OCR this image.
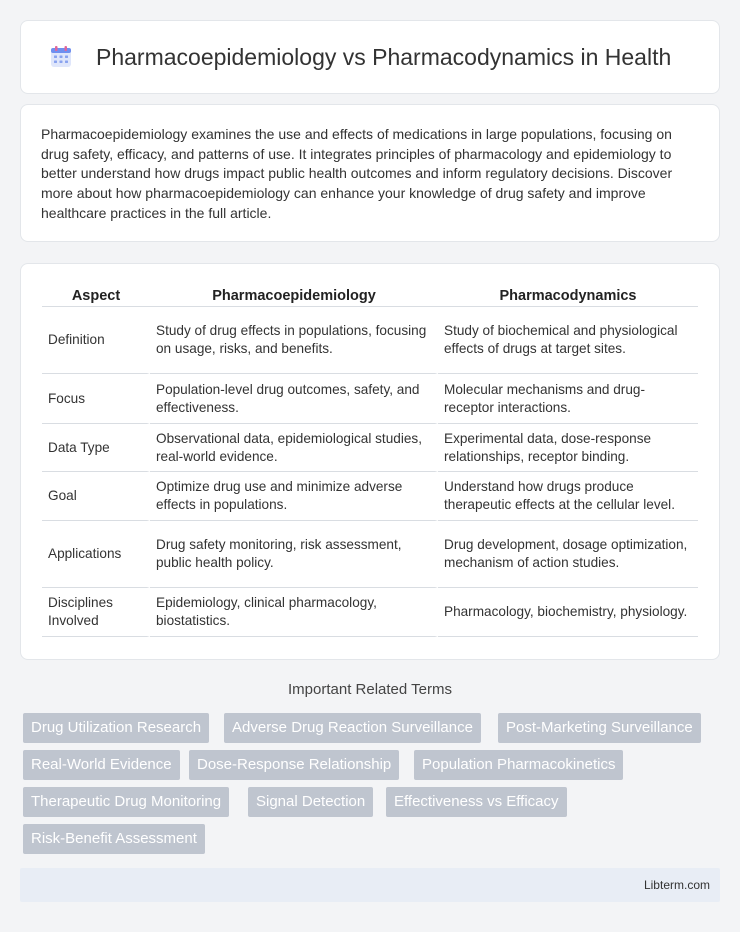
Pharmacoepidemiology vs Pharmacodynamics in Health

Pharmacoepidemiology examines the use and effects of medications in large populations, focusing on drug safety, efficacy, and patterns of use. It integrates principles of pharmacology and epidemiology to better understand how drugs impact public health outcomes and inform regulatory decisions. Discover more about how pharmacoepidemiology can enhance your knowledge of drug safety and improve healthcare practices in the full article.

Aspect	Pharmacoepidemiology	Pharmacodynamics
Definition	Study of drug effects in populations, focusing on usage, risks, and benefits.	Study of biochemical and physiological effects of drugs at target sites.
Focus	Population-level drug outcomes, safety, and effectiveness.	Molecular mechanisms and drug-receptor interactions.
Data Type	Observational data, epidemiological studies, real-world evidence.	Experimental data, dose-response relationships, receptor binding.
Goal	Optimize drug use and minimize adverse effects in populations.	Understand how drugs produce therapeutic effects at the cellular level.
Applications	Drug safety monitoring, risk assessment, public health policy.	Drug development, dosage optimization, mechanism of action studies.
Disciplines Involved	Epidemiology, clinical pharmacology, biostatistics.	Pharmacology, biochemistry, physiology.
Important Related Terms
Drug Utilization Research	Adverse Drug Reaction Surveillance	Post-Marketing Surveillance
Real-World Evidence	Dose-Response Relationship	Population Pharmacokinetics
Therapeutic Drug Monitoring	Signal Detection	Effectiveness vs Efficacy
Risk-Benefit Assessment
Libterm.com
